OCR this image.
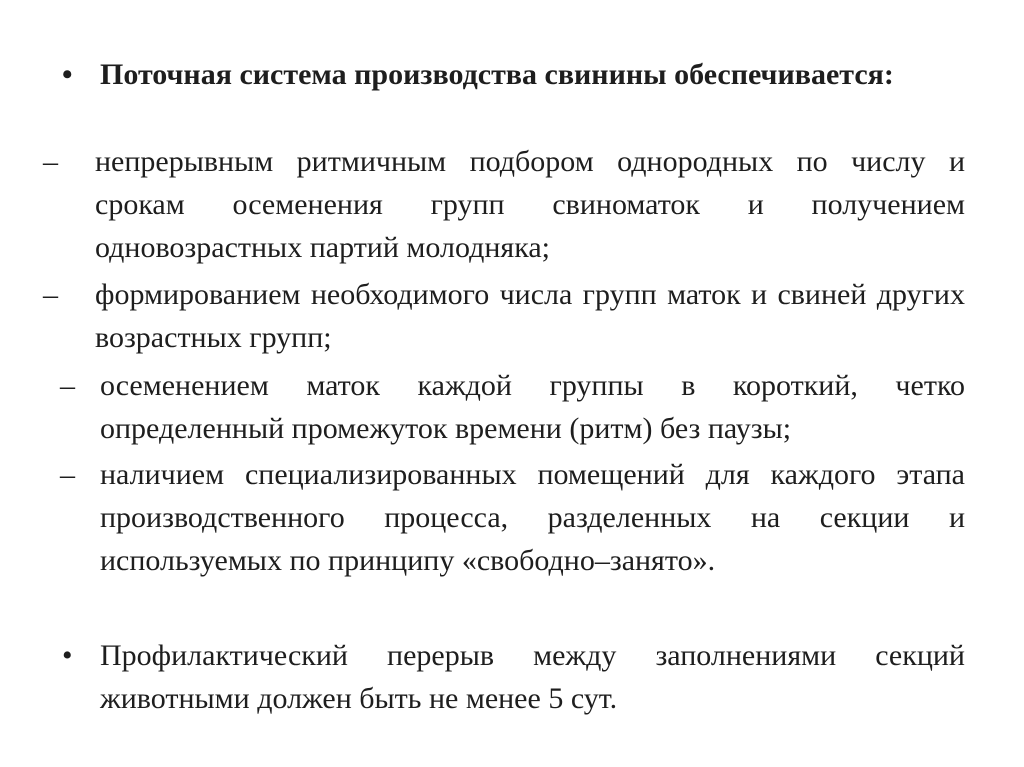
• Поточная система производства свинины обеспечивается:
–	непрерывным ритмичным подбором однородных по числу и срокам осеменения групп свиноматок и получением одновозрастных партий молодняка;
–	формированием необходимого числа групп маток и свиней других возрастных групп;
– осеменением маток каждой группы в короткий, четко определенный промежуток времени (ритм) без паузы;
– наличием специализированных помещений для каждого этапа производственного процесса, разделенных на секции и используемых по принципу «свободно–занято».
• Профилактический перерыв между заполнениями секций животными должен быть не менее 5 сут.
